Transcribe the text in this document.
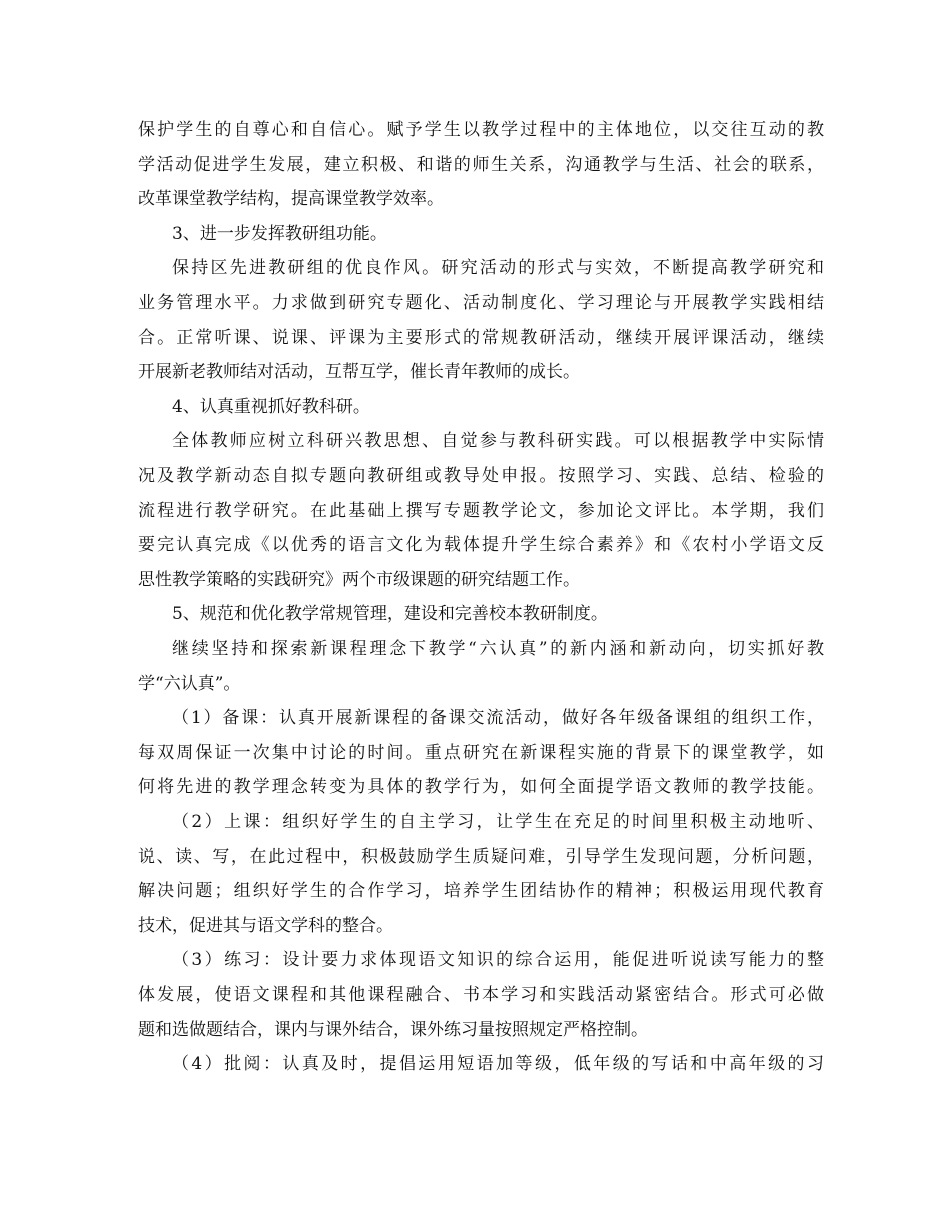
保护学生的自尊心和自信心。赋予学生以教学过程中的主体地位，以交往互动的教
学活动促进学生发展，建立积极、和谐的师生关系，沟通教学与生活、社会的联系，
改革课堂教学结构，提高课堂教学效率。
3、进一步发挥教研组功能。
保持区先进教研组的优良作风。研究活动的形式与实效，不断提高教学研究和
业务管理水平。力求做到研究专题化、活动制度化、学习理论与开展教学实践相结
合。正常听课、说课、评课为主要形式的常规教研活动，继续开展评课活动，继续
开展新老教师结对活动，互帮互学，催长青年教师的成长。
4、认真重视抓好教科研。
全体教师应树立科研兴教思想、自觉参与教科研实践。可以根据教学中实际情
况及教学新动态自拟专题向教研组或教导处申报。按照学习、实践、总结、检验的
流程进行教学研究。在此基础上撰写专题教学论文，参加论文评比。本学期，我们
要完认真完成《以优秀的语言文化为载体提升学生综合素养》和《农村小学语文反
思性教学策略的实践研究》两个市级课题的研究结题工作。
5、规范和优化教学常规管理，建设和完善校本教研制度。
继续坚持和探索新课程理念下教学“六认真”的新内涵和新动向，切实抓好教
学“六认真”。
（1）备课：认真开展新课程的备课交流活动，做好各年级备课组的组织工作，
每双周保证一次集中讨论的时间。重点研究在新课程实施的背景下的课堂教学，如
何将先进的教学理念转变为具体的教学行为，如何全面提学语文教师的教学技能。
（2）上课：组织好学生的自主学习，让学生在充足的时间里积极主动地听、
说、读、写，在此过程中，积极鼓励学生质疑问难，引导学生发现问题，分析问题，
解决问题；组织好学生的合作学习，培养学生团结协作的精神；积极运用现代教育
技术，促进其与语文学科的整合。
（3）练习：设计要力求体现语文知识的综合运用，能促进听说读写能力的整
体发展，使语文课程和其他课程融合、书本学习和实践活动紧密结合。形式可必做
题和选做题结合，课内与课外结合，课外练习量按照规定严格控制。
（4）批阅：认真及时，提倡运用短语加等级，低年级的写话和中高年级的习
